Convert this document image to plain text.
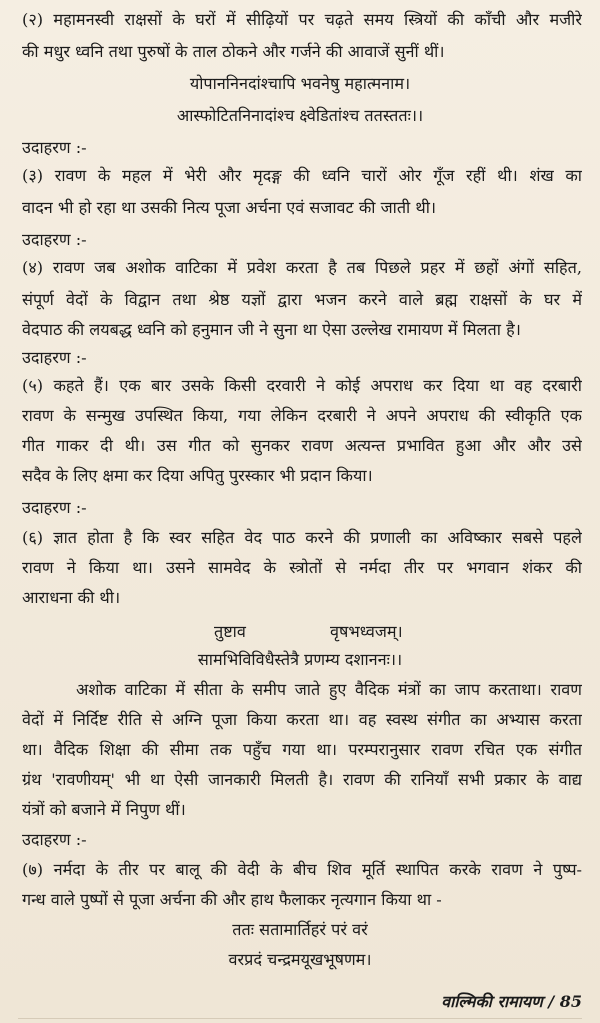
(२) महामनस्वी राक्षसों के घरों में सीढ़ियों पर चढ़ते समय स्त्रियों की काँची और मजीरे
की मधुर ध्वनि तथा पुरुषों के ताल ठोकने और गर्जने की आवाजें सुनीं थीं।
योपाननिनदांश्चापि भवनेषु महात्मनाम।
आस्फोटितनिनादांश्च क्ष्वेडितांश्च ततस्ततः।।
उदाहरण :-
(३) रावण के महल में भेरी और मृदङ्ग की ध्वनि चारों ओर गूँज रहीं थी। शंख का
वादन भी हो रहा था उसकी नित्य पूजा अर्चना एवं सजावट की जाती थी।
उदाहरण :-
(४) रावण जब अशोक वाटिका में प्रवेश करता है तब पिछले प्रहर में छहों अंगों सहित,
संपूर्ण वेदों के विद्वान तथा श्रेष्ठ यज्ञों द्वारा भजन करने वाले ब्रह्म राक्षसों के घर में
वेदपाठ की लयबद्ध ध्वनि को हनुमान जी ने सुना था ऐसा उल्लेख रामायण में मिलता है।
उदाहरण :-
(५) कहते हैं। एक बार उसके किसी दरवारी ने कोई अपराध कर दिया था वह दरबारी
रावण के सन्मुख उपस्थित किया, गया लेकिन दरबारी ने अपने अपराध की स्वीकृति एक
गीत गाकर दी थी। उस गीत को सुनकर रावण अत्यन्त प्रभावित हुआ और और उसे
सदैव के लिए क्षमा कर दिया अपितु पुरस्कार भी प्रदान किया।
उदाहरण :-
(६) ज्ञात होता है कि स्वर सहित वेद पाठ करने की प्रणाली का अविष्कार सबसे पहले
रावण ने किया था। उसने सामवेद के स्त्रोतों से नर्मदा तीर पर भगवान शंकर की
आराधना की थी।
तुष्टाव	वृषभध्वजम्।
सामभिविविधैस्तेत्रै प्रणम्य दशाननः।।
अशोक वाटिका में सीता के समीप जाते हुए वैदिक मंत्रों का जाप करताथा। रावण
वेदों में निर्दिष्ट रीति से अग्नि पूजा किया करता था। वह स्वस्थ संगीत का अभ्यास करता
था। वैदिक शिक्षा की सीमा तक पहुँच गया था। परम्परानुसार रावण रचित एक संगीत
ग्रंथ 'रावणीयम्' भी था ऐसी जानकारी मिलती है। रावण की रानियाँ सभी प्रकार के वाद्य
यंत्रों को बजाने में निपुण थीं।
उदाहरण :-
(७) नर्मदा के तीर पर बालू की वेदी के बीच शिव मूर्ति स्थापित करके रावण ने पुष्प-
गन्ध वाले पुष्पों से पूजा अर्चना की और हाथ फैलाकर नृत्यगान किया था -
ततः सतामार्तिहरं परं वरं
वरप्रदं चन्द्रमयूखभूषणम।
वाल्मिकी रामायण / 85
